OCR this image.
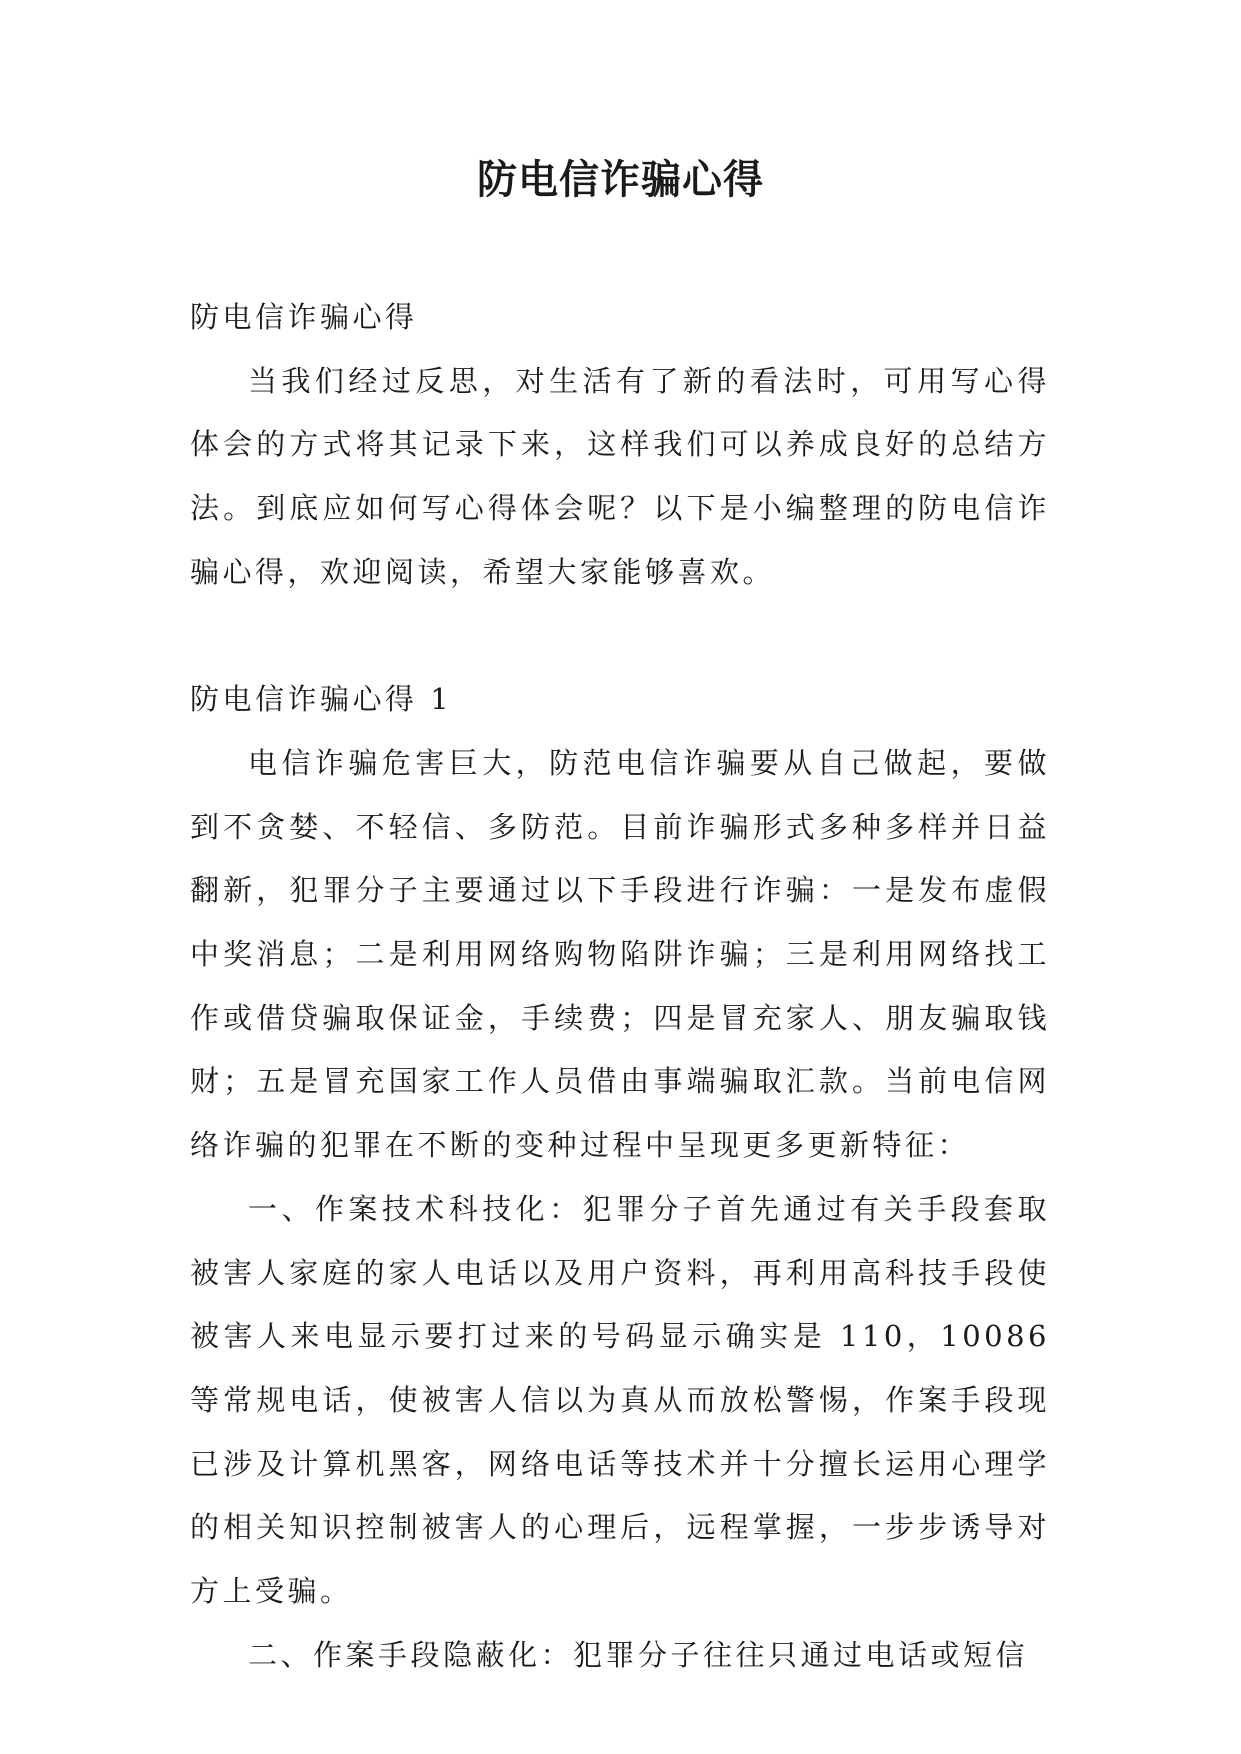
防电信诈骗心得

防电信诈骗心得

当我们经过反思，对生活有了新的看法时，可用写心得体会的方式将其记录下来，这样我们可以养成良好的总结方法。到底应如何写心得体会呢？以下是小编整理的防电信诈骗心得，欢迎阅读，希望大家能够喜欢。

防电信诈骗心得 1

电信诈骗危害巨大，防范电信诈骗要从自己做起，要做到不贪婪、不轻信、多防范。目前诈骗形式多种多样并日益翻新，犯罪分子主要通过以下手段进行诈骗：一是发布虚假中奖消息；二是利用网络购物陷阱诈骗；三是利用网络找工作或借贷骗取保证金，手续费；四是冒充家人、朋友骗取钱财；五是冒充国家工作人员借由事端骗取汇款。当前电信网络诈骗的犯罪在不断的变种过程中呈现更多更新特征：

一、作案技术科技化：犯罪分子首先通过有关手段套取被害人家庭的家人电话以及用户资料，再利用高科技手段使被害人来电显示要打过来的号码显示确实是 110，10086 等常规电话，使被害人信以为真从而放松警惕，作案手段现已涉及计算机黑客，网络电话等技术并十分擅长运用心理学的相关知识控制被害人的心理后，远程掌握，一步步诱导对方上受骗。

二、作案手段隐蔽化：犯罪分子往往只通过电话或短信
